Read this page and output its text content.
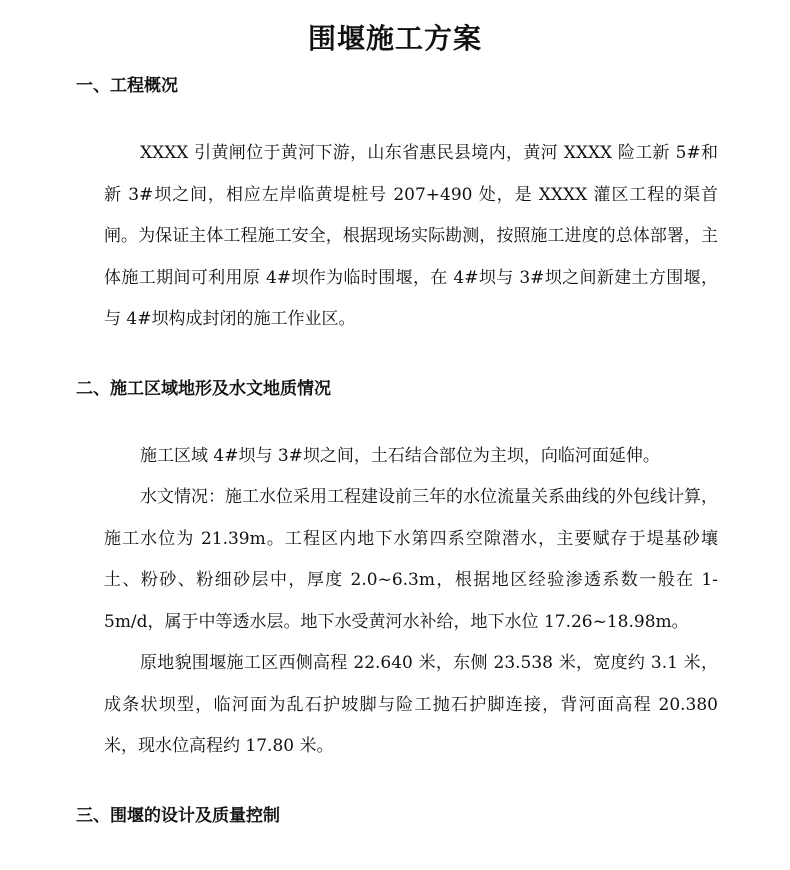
围堰施工方案
一、工程概况

XXXX 引黄闸位于黄河下游，山东省惠民县境内，黄河 XXXX 险工新 5#和新 3#坝之间，相应左岸临黄堤桩号 207+490 处，是 XXXX 灌区工程的渠首闸。为保证主体工程施工安全，根据现场实际勘测，按照施工进度的总体部署，主体施工期间可利用原 4#坝作为临时围堰，在 4#坝与 3#坝之间新建土方围堰， 与 4#坝构成封闭的施工作业区。

二、施工区域地形及水文地质情况

施工区域 4#坝与 3#坝之间，土石结合部位为主坝，向临河面延伸。

水文情况：施工水位采用工程建设前三年的水位流量关系曲线的外包线计算，施工水位为 21.39m。工程区内地下水第四系空隙潜水，主要赋存于堤基砂壤土、粉砂、粉细砂层中，厚度 2.0~6.3m，根据地区经验渗透系数一般在 1-5m/d，属于中等透水层。地下水受黄河水补给，地下水位 17.26~18.98m。

原地貌围堰施工区西侧高程 22.640 米，东侧 23.538 米，宽度约 3.1 米，成条状坝型，临河面为乱石护坡脚与险工抛石护脚连接，背河面高程 20.380 米，现水位高程约 17.80 米。

三、围堰的设计及质量控制
